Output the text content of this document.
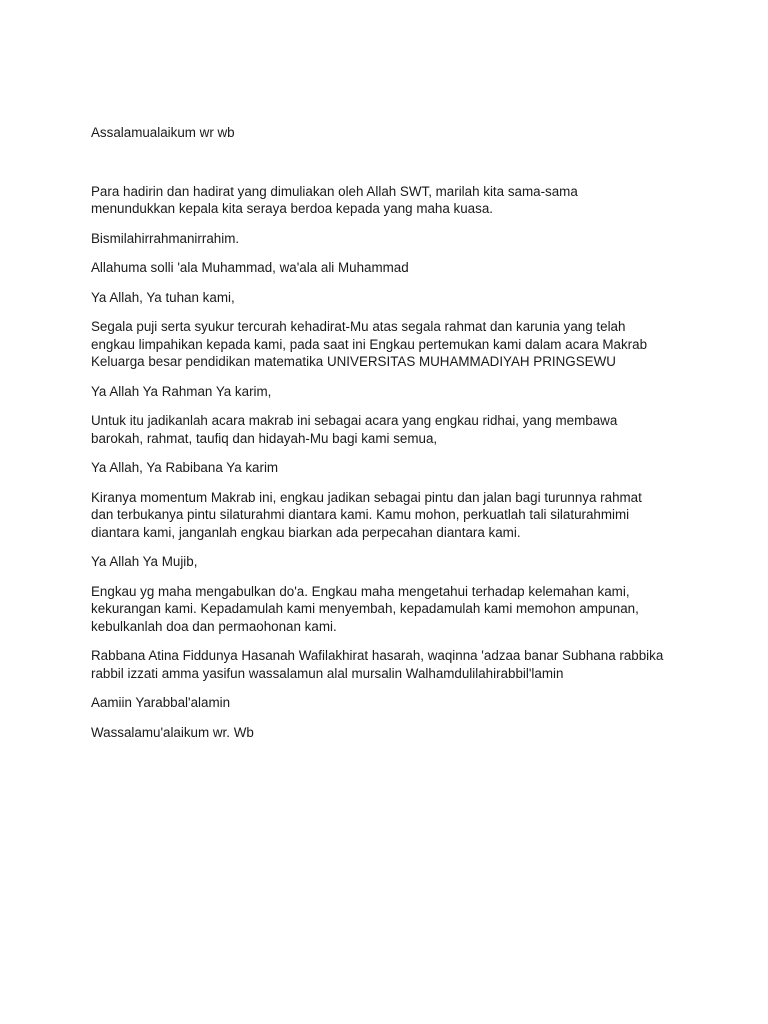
Assalamualaikum wr wb

Para hadirin dan hadirat yang dimuliakan oleh Allah SWT, marilah kita sama-sama
menundukkan kepala kita seraya berdoa kepada yang maha kuasa.

Bismilahirrahmanirrahim.

Allahuma solli 'ala Muhammad, wa'ala ali Muhammad

Ya Allah, Ya tuhan kami,

Segala puji serta syukur tercurah kehadirat-Mu atas segala rahmat dan karunia yang telah
engkau limpahikan kepada kami, pada saat ini Engkau pertemukan kami dalam acara Makrab
Keluarga besar pendidikan matematika UNIVERSITAS MUHAMMADIYAH PRINGSEWU

Ya Allah Ya Rahman Ya karim,

Untuk itu jadikanlah acara makrab ini sebagai acara yang engkau ridhai, yang membawa
barokah, rahmat, taufiq dan hidayah-Mu bagi kami semua,

Ya Allah, Ya Rabibana Ya karim

Kiranya momentum Makrab ini, engkau jadikan sebagai pintu dan jalan bagi turunnya rahmat
dan terbukanya pintu silaturahmi diantara kami. Kamu mohon, perkuatlah tali silaturahmimi
diantara kami, janganlah engkau biarkan ada perpecahan diantara kami.

Ya Allah Ya Mujib,

Engkau yg maha mengabulkan do'a. Engkau maha mengetahui terhadap kelemahan kami,
kekurangan kami. Kepadamulah kami menyembah, kepadamulah kami memohon ampunan,
kebulkanlah doa dan permaohonan kami.

Rabbana Atina Fiddunya Hasanah Wafilakhirat hasarah, waqinna 'adzaa banar Subhana rabbika
rabbil izzati amma yasifun wassalamun alal mursalin Walhamdulilahirabbil'lamin

Aamiin Yarabbal'alamin

Wassalamu'alaikum wr. Wb
